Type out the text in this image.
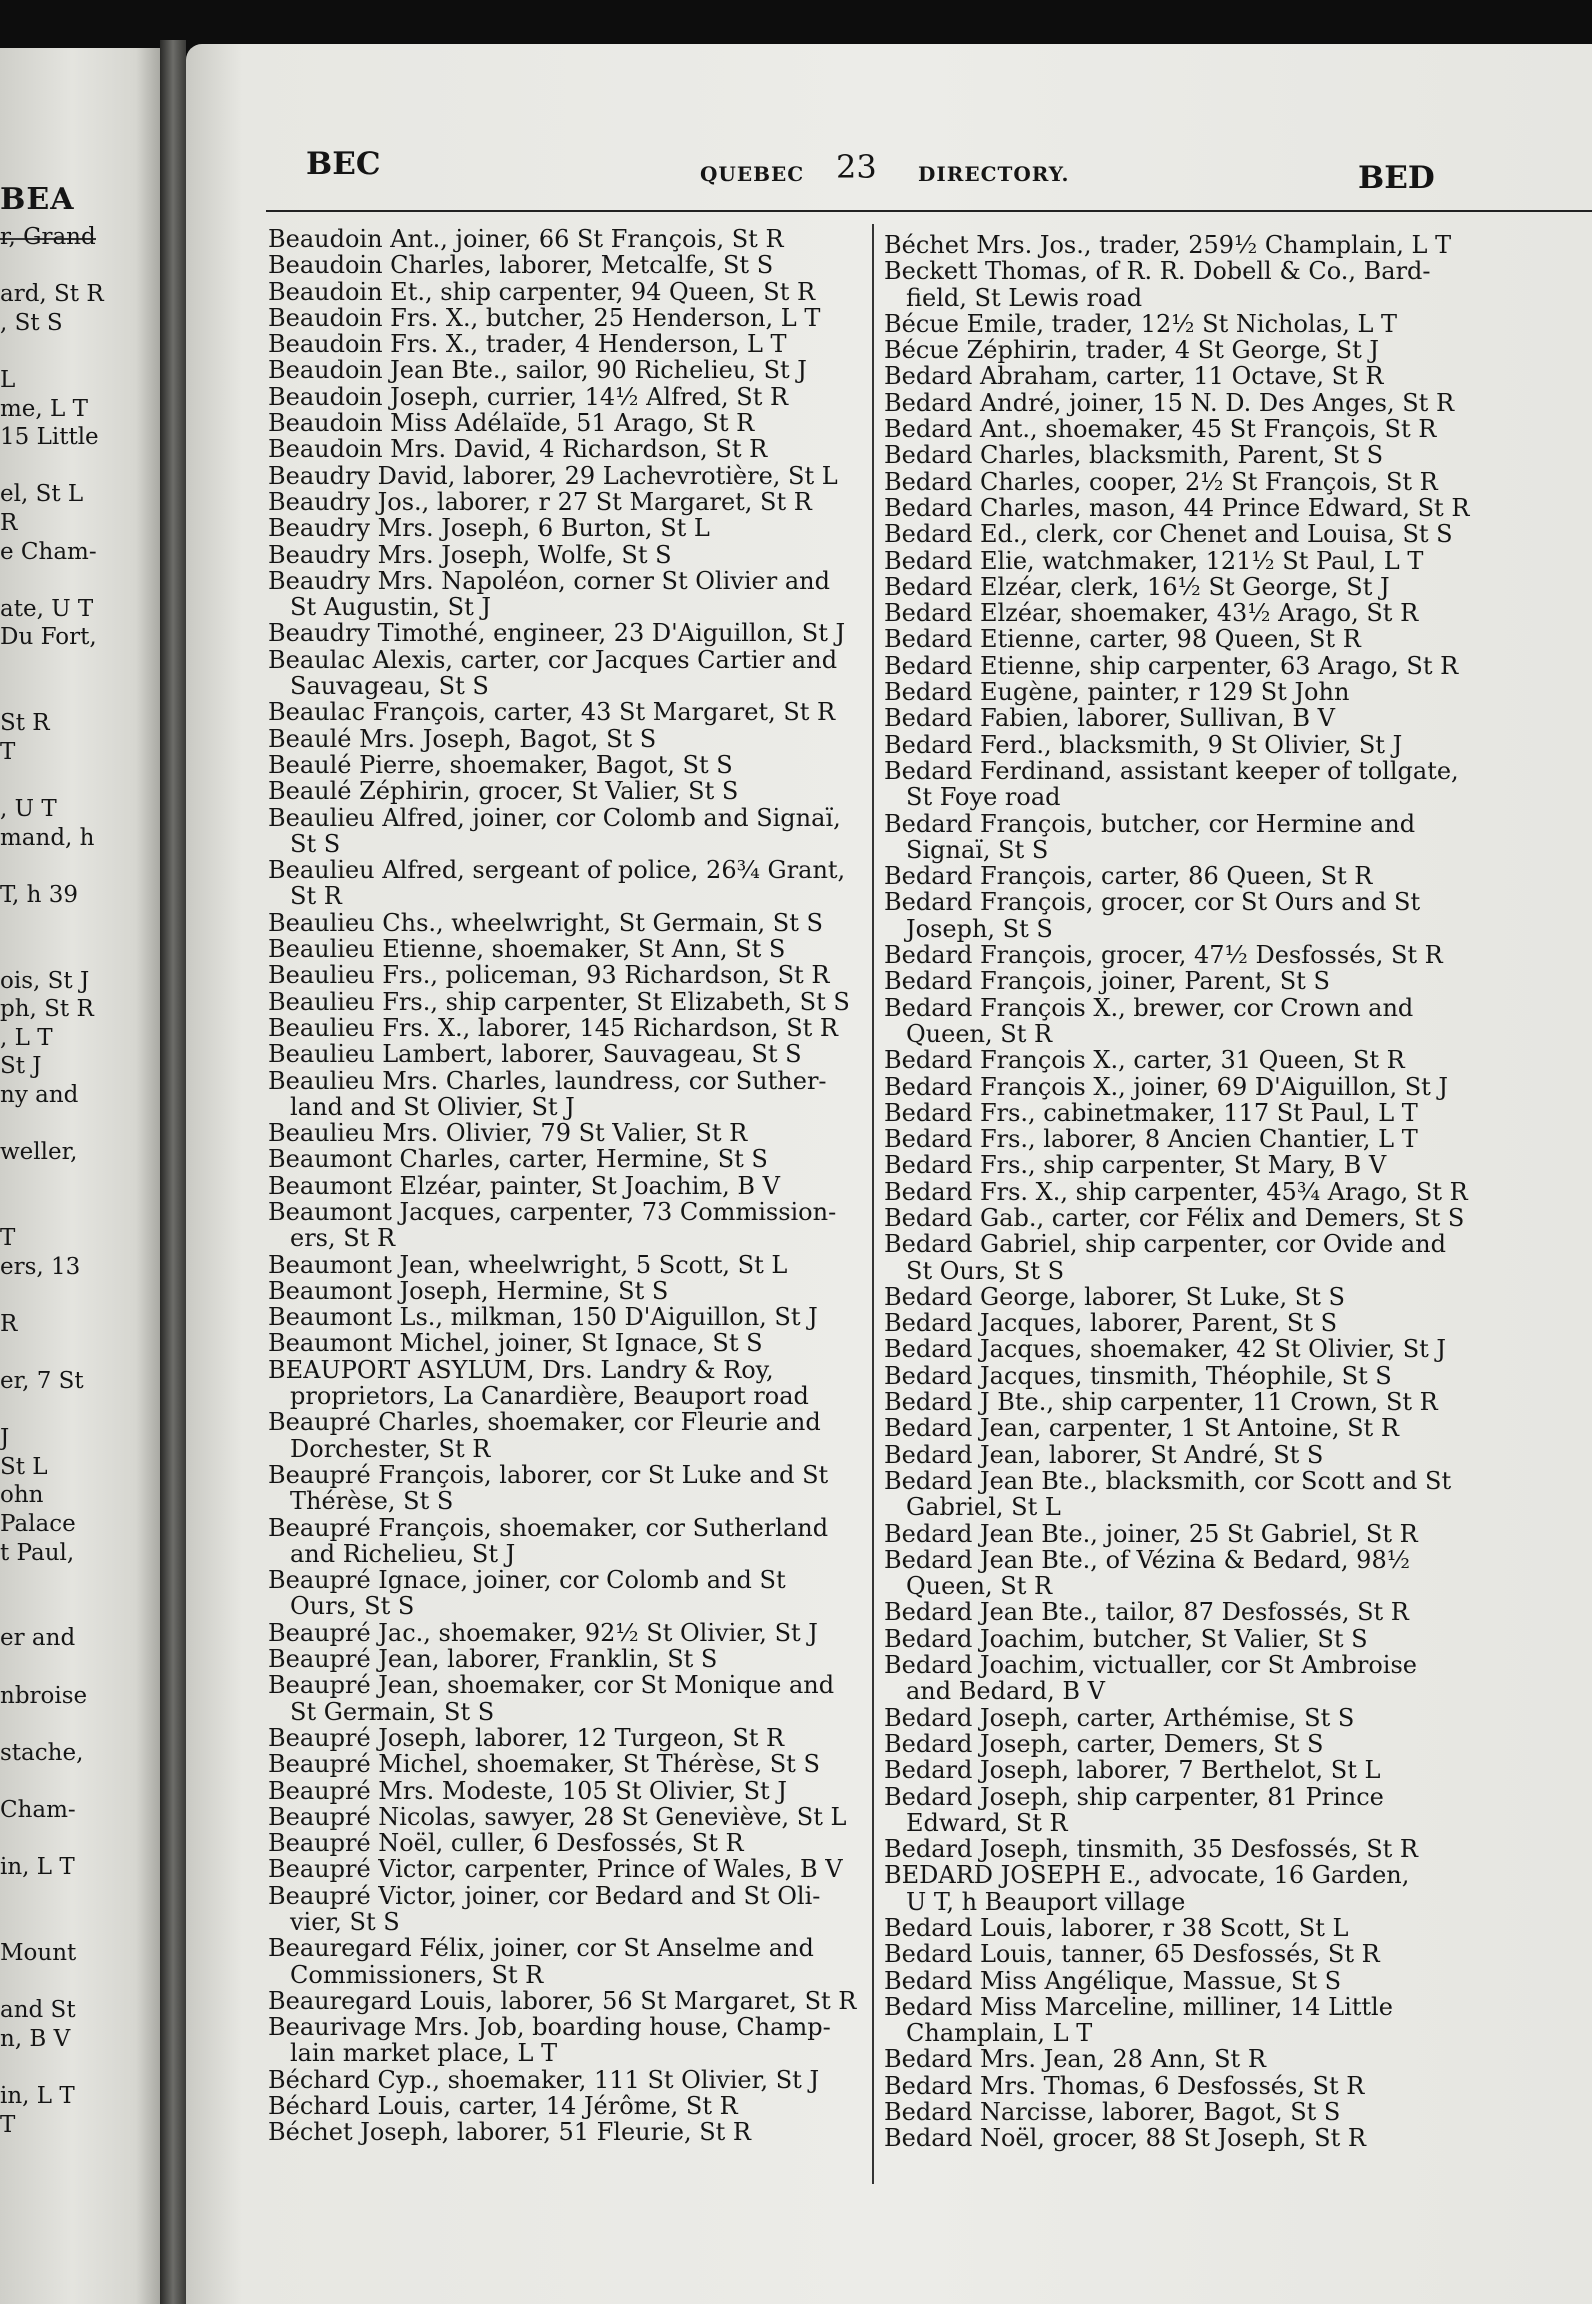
BEA
r, Grand
ard, St R
, St S
L
me, L T
15 Little
el, St L
R
e Cham-
ate, U T
Du Fort,
St R
T
, U T
mand, h
T, h 39
ois, St J
ph, St R
, L T
St J
ny and
weller,
T
ers, 13
R
er, 7 St
J
St L
ohn
Palace
t Paul,
er and
nbroise
stache,
Cham-
in, L T
Mount
and St
n, B V
in, L T
T
BEC	QUEBEC 23 DIRECTORY.	BED
Beaudoin Ant., joiner, 66 St François, St R
Beaudoin Charles, laborer, Metcalfe, St S
Beaudoin Et., ship carpenter, 94 Queen, St R
Beaudoin Frs. X., butcher, 25 Henderson, L T
Beaudoin Frs. X., trader, 4 Henderson, L T
Beaudoin Jean Bte., sailor, 90 Richelieu, St J
Beaudoin Joseph, currier, 14½ Alfred, St R
Beaudoin Miss Adélaïde, 51 Arago, St R
Beaudoin Mrs. David, 4 Richardson, St R
Beaudry David, laborer, 29 Lachevrotière, St L
Beaudry Jos., laborer, r 27 St Margaret, St R
Beaudry Mrs. Joseph, 6 Burton, St L
Beaudry Mrs. Joseph, Wolfe, St S
Beaudry Mrs. Napoléon, corner St Olivier and
St Augustin, St J
Beaudry Timothé, engineer, 23 D'Aiguillon, St J
Beaulac Alexis, carter, cor Jacques Cartier and
Sauvageau, St S
Beaulac François, carter, 43 St Margaret, St R
Beaulé Mrs. Joseph, Bagot, St S
Beaulé Pierre, shoemaker, Bagot, St S
Beaulé Zéphirin, grocer, St Valier, St S
Beaulieu Alfred, joiner, cor Colomb and Signaï,
St S
Beaulieu Alfred, sergeant of police, 26¾ Grant,
St R
Beaulieu Chs., wheelwright, St Germain, St S
Beaulieu Etienne, shoemaker, St Ann, St S
Beaulieu Frs., policeman, 93 Richardson, St R
Beaulieu Frs., ship carpenter, St Elizabeth, St S
Beaulieu Frs. X., laborer, 145 Richardson, St R
Beaulieu Lambert, laborer, Sauvageau, St S
Beaulieu Mrs. Charles, laundress, cor Suther-
land and St Olivier, St J
Beaulieu Mrs. Olivier, 79 St Valier, St R
Beaumont Charles, carter, Hermine, St S
Beaumont Elzéar, painter, St Joachim, B V
Beaumont Jacques, carpenter, 73 Commission-
ers, St R
Beaumont Jean, wheelwright, 5 Scott, St L
Beaumont Joseph, Hermine, St S
Beaumont Ls., milkman, 150 D'Aiguillon, St J
Beaumont Michel, joiner, St Ignace, St S
BEAUPORT ASYLUM, Drs. Landry & Roy,
proprietors, La Canardière, Beauport road
Beaupré Charles, shoemaker, cor Fleurie and
Dorchester, St R
Beaupré François, laborer, cor St Luke and St
Thérèse, St S
Beaupré François, shoemaker, cor Sutherland
and Richelieu, St J
Beaupré Ignace, joiner, cor Colomb and St
Ours, St S
Beaupré Jac., shoemaker, 92½ St Olivier, St J
Beaupré Jean, laborer, Franklin, St S
Beaupré Jean, shoemaker, cor St Monique and
St Germain, St S
Beaupré Joseph, laborer, 12 Turgeon, St R
Beaupré Michel, shoemaker, St Thérèse, St S
Beaupré Mrs. Modeste, 105 St Olivier, St J
Beaupré Nicolas, sawyer, 28 St Geneviève, St L
Beaupré Noël, culler, 6 Desfossés, St R
Beaupré Victor, carpenter, Prince of Wales, B V
Beaupré Victor, joiner, cor Bedard and St Oli-
vier, St S
Beauregard Félix, joiner, cor St Anselme and
Commissioners, St R
Beauregard Louis, laborer, 56 St Margaret, St R
Beaurivage Mrs. Job, boarding house, Champ-
lain market place, L T
Béchard Cyp., shoemaker, 111 St Olivier, St J
Béchard Louis, carter, 14 Jérôme, St R
Béchet Joseph, laborer, 51 Fleurie, St R
Béchet Mrs. Jos., trader, 259½ Champlain, L T
Beckett Thomas, of R. R. Dobell & Co., Bard-
field, St Lewis road
Bécue Emile, trader, 12½ St Nicholas, L T
Bécue Zéphirin, trader, 4 St George, St J
Bedard Abraham, carter, 11 Octave, St R
Bedard André, joiner, 15 N. D. Des Anges, St R
Bedard Ant., shoemaker, 45 St François, St R
Bedard Charles, blacksmith, Parent, St S
Bedard Charles, cooper, 2½ St François, St R
Bedard Charles, mason, 44 Prince Edward, St R
Bedard Ed., clerk, cor Chenet and Louisa, St S
Bedard Elie, watchmaker, 121½ St Paul, L T
Bedard Elzéar, clerk, 16½ St George, St J
Bedard Elzéar, shoemaker, 43½ Arago, St R
Bedard Etienne, carter, 98 Queen, St R
Bedard Etienne, ship carpenter, 63 Arago, St R
Bedard Eugène, painter, r 129 St John
Bedard Fabien, laborer, Sullivan, B V
Bedard Ferd., blacksmith, 9 St Olivier, St J
Bedard Ferdinand, assistant keeper of tollgate,
St Foye road
Bedard François, butcher, cor Hermine and
Signaï, St S
Bedard François, carter, 86 Queen, St R
Bedard François, grocer, cor St Ours and St
Joseph, St S
Bedard François, grocer, 47½ Desfossés, St R
Bedard François, joiner, Parent, St S
Bedard François X., brewer, cor Crown and
Queen, St R
Bedard François X., carter, 31 Queen, St R
Bedard François X., joiner, 69 D'Aiguillon, St J
Bedard Frs., cabinetmaker, 117 St Paul, L T
Bedard Frs., laborer, 8 Ancien Chantier, L T
Bedard Frs., ship carpenter, St Mary, B V
Bedard Frs. X., ship carpenter, 45¾ Arago, St R
Bedard Gab., carter, cor Félix and Demers, St S
Bedard Gabriel, ship carpenter, cor Ovide and
St Ours, St S
Bedard George, laborer, St Luke, St S
Bedard Jacques, laborer, Parent, St S
Bedard Jacques, shoemaker, 42 St Olivier, St J
Bedard Jacques, tinsmith, Théophile, St S
Bedard J Bte., ship carpenter, 11 Crown, St R
Bedard Jean, carpenter, 1 St Antoine, St R
Bedard Jean, laborer, St André, St S
Bedard Jean Bte., blacksmith, cor Scott and St
Gabriel, St L
Bedard Jean Bte., joiner, 25 St Gabriel, St R
Bedard Jean Bte., of Vézina & Bedard, 98½
Queen, St R
Bedard Jean Bte., tailor, 87 Desfossés, St R
Bedard Joachim, butcher, St Valier, St S
Bedard Joachim, victualler, cor St Ambroise
and Bedard, B V
Bedard Joseph, carter, Arthémise, St S
Bedard Joseph, carter, Demers, St S
Bedard Joseph, laborer, 7 Berthelot, St L
Bedard Joseph, ship carpenter, 81 Prince
Edward, St R
Bedard Joseph, tinsmith, 35 Desfossés, St R
BEDARD JOSEPH E., advocate, 16 Garden,
U T, h Beauport village
Bedard Louis, laborer, r 38 Scott, St L
Bedard Louis, tanner, 65 Desfossés, St R
Bedard Miss Angélique, Massue, St S
Bedard Miss Marceline, milliner, 14 Little
Champlain, L T
Bedard Mrs. Jean, 28 Ann, St R
Bedard Mrs. Thomas, 6 Desfossés, St R
Bedard Narcisse, laborer, Bagot, St S
Bedard Noël, grocer, 88 St Joseph, St R
